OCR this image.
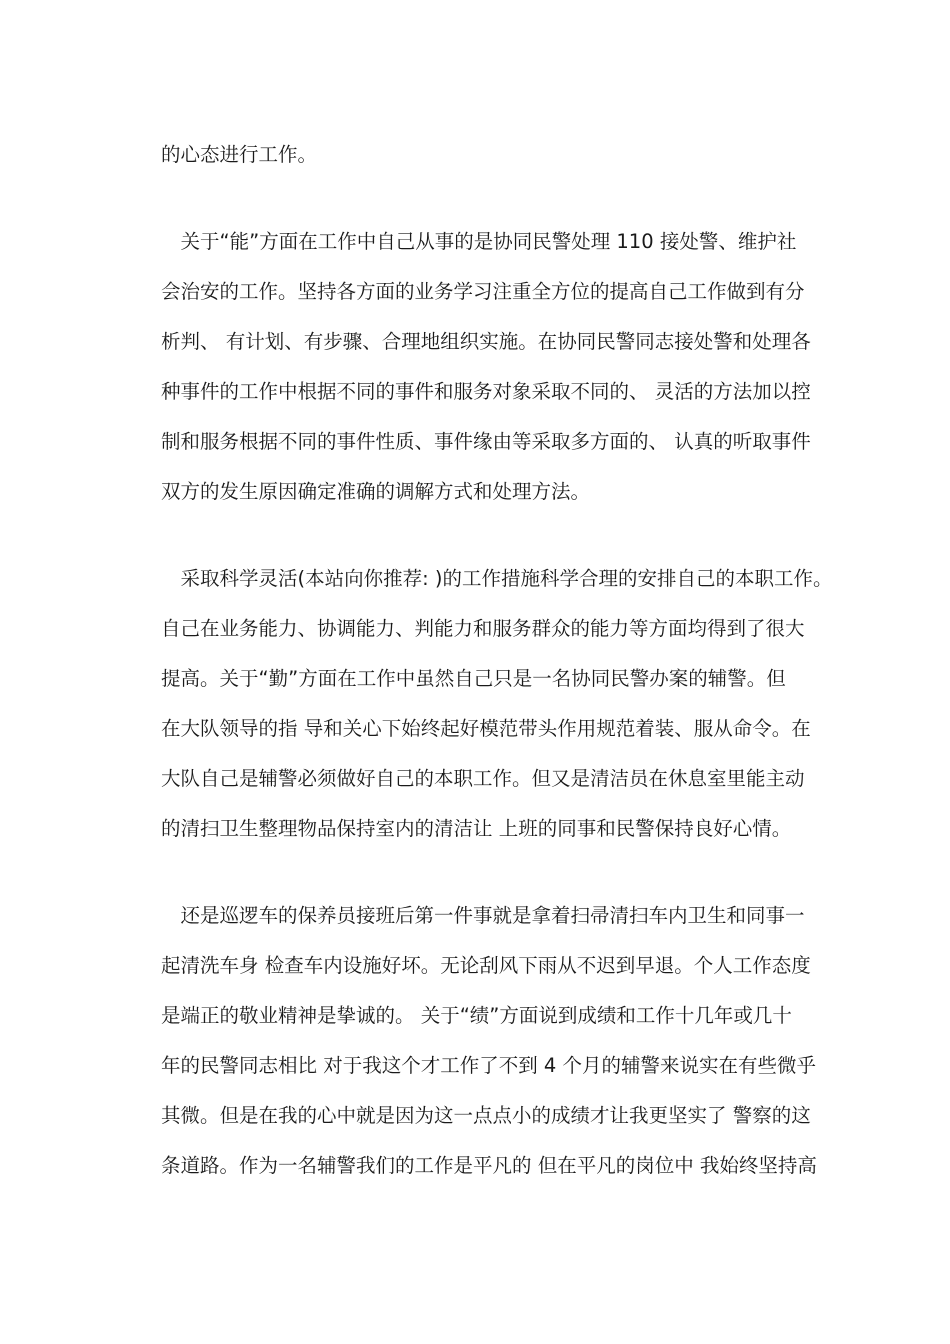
的心态进行工作。
　关于“能”方面在工作中自己从事的是协同民警处理 110 接处警、维护社
会治安的工作。坚持各方面的业务学习注重全方位的提高自己工作做到有分
析判、 有计划、有步骤、合理地组织实施。在协同民警同志接处警和处理各
种事件的工作中根据不同的事件和服务对象采取不同的、 灵活的方法加以控
制和服务根据不同的事件性质、事件缘由等采取多方面的、 认真的听取事件
双方的发生原因确定准确的调解方式和处理方法。
　采取科学灵活(本站向你推荐: )的工作措施科学合理的安排自己的本职工作。
自己在业务能力、协调能力、判能力和服务群众的能力等方面均得到了很大
提高。关于“勤”方面在工作中虽然自己只是一名协同民警办案的辅警。但
在大队领导的指 导和关心下始终起好模范带头作用规范着装、服从命令。在
大队自己是辅警必须做好自己的本职工作。但又是清洁员在休息室里能主动
的清扫卫生整理物品保持室内的清洁让 上班的同事和民警保持良好心情。
　还是巡逻车的保养员接班后第一件事就是拿着扫帚清扫车内卫生和同事一
起清洗车身 检查车内设施好坏。无论刮风下雨从不迟到早退。个人工作态度
是端正的敬业精神是挚诚的。 关于“绩”方面说到成绩和工作十几年或几十
年的民警同志相比 对于我这个才工作了不到 4 个月的辅警来说实在有些微乎
其微。但是在我的心中就是因为这一点点小的成绩才让我更坚实了 警察的这
条道路。作为一名辅警我们的工作是平凡的 但在平凡的岗位中 我始终坚持高
